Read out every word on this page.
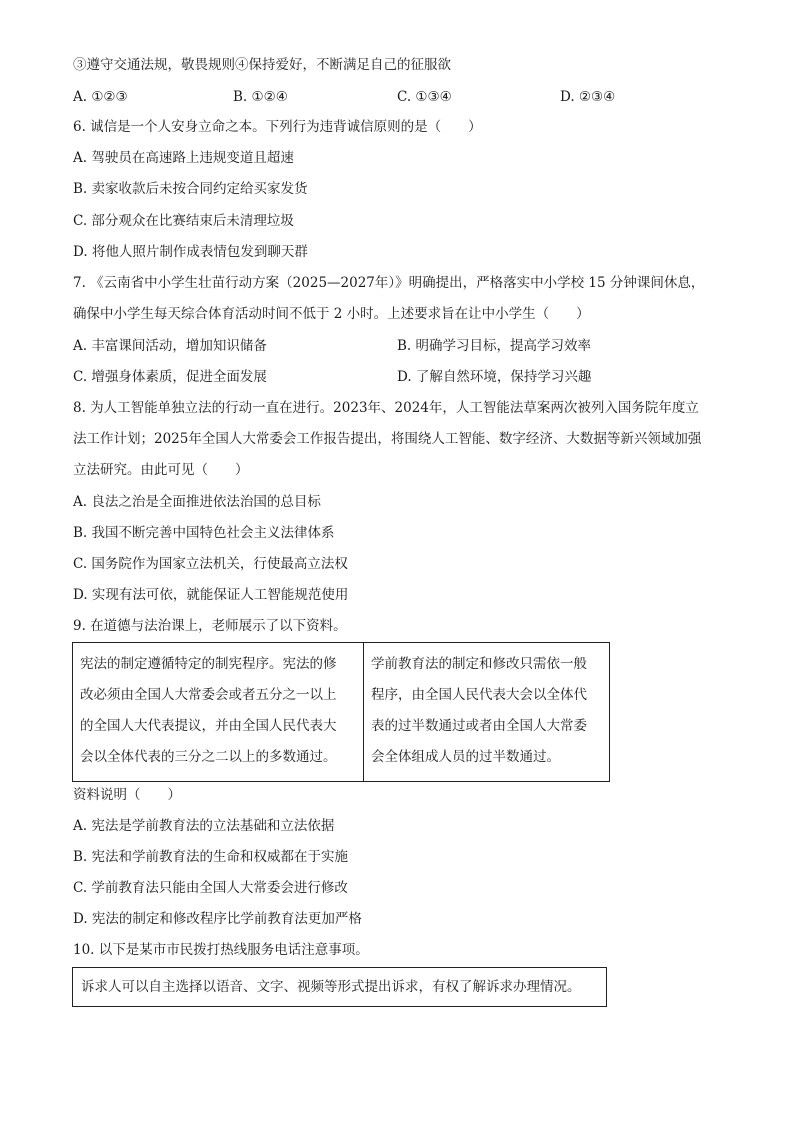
③遵守交通法规，敬畏规则④保持爱好，不断满足自己的征服欲
A. ①②③	B. ①②④	C. ①③④	D. ②③④
6. 诚信是一个人安身立命之本。下列行为违背诚信原则的是（　　）
A. 驾驶员在高速路上违规变道且超速
B. 卖家收款后未按合同约定给买家发货
C. 部分观众在比赛结束后未清理垃圾
D. 将他人照片制作成表情包发到聊天群
7. 《云南省中小学生壮苗行动方案（2025—2027年）》明确提出，严格落实中小学校 15 分钟课间休息，
确保中小学生每天综合体育活动时间不低于 2 小时。上述要求旨在让中小学生（　　）
A. 丰富课间活动，增加知识储备	B. 明确学习目标，提高学习效率
C. 增强身体素质，促进全面发展	D. 了解自然环境，保持学习兴趣
8. 为人工智能单独立法的行动一直在进行。2023年、2024年，人工智能法草案两次被列入国务院年度立
法工作计划；2025年全国人大常委会工作报告提出，将围绕人工智能、数字经济、大数据等新兴领域加强
立法研究。由此可见（　　）
A. 良法之治是全面推进依法治国的总目标
B. 我国不断完善中国特色社会主义法律体系
C. 国务院作为国家立法机关，行使最高立法权
D. 实现有法可依，就能保证人工智能规范使用
9. 在道德与法治课上，老师展示了以下资料。
宪法的制定遵循特定的制宪程序。宪法的修
改必须由全国人大常委会或者五分之一以上
的全国人大代表提议，并由全国人民代表大
会以全体代表的三分之二以上的多数通过。

学前教育法的制定和修改只需依一般
程序，由全国人民代表大会以全体代
表的过半数通过或者由全国人大常委
会全体组成人员的过半数通过。
资料说明（　　）
A. 宪法是学前教育法的立法基础和立法依据
B. 宪法和学前教育法的生命和权威都在于实施
C. 学前教育法只能由全国人大常委会进行修改
D. 宪法的制定和修改程序比学前教育法更加严格
10. 以下是某市市民拨打热线服务电话注意事项。
诉求人可以自主选择以语音、文字、视频等形式提出诉求，有权了解诉求办理情况。
